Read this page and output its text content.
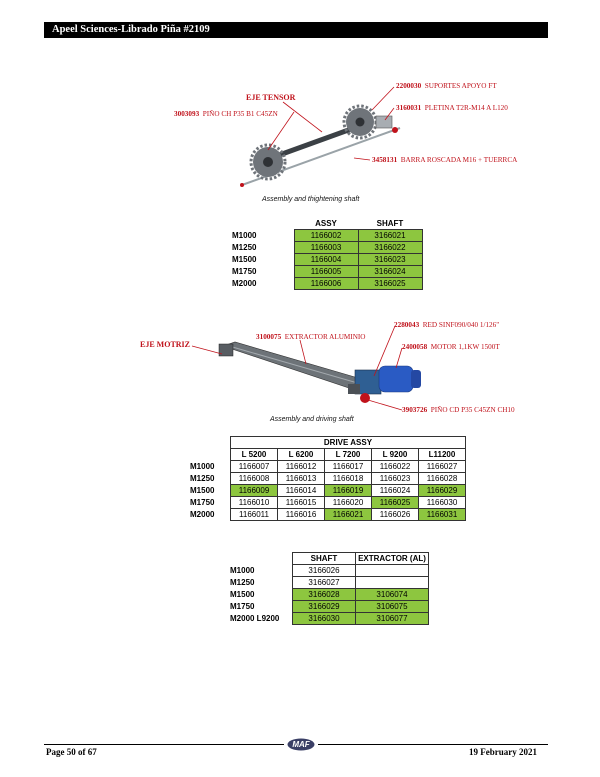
Apeel Sciences-Librado Piña #2109
EJE TENSOR
3003093 PIÑO CH P35 B1 C45ZN
2200030 SUPORTES APOYO FT
3160031 PLETINA T2R-M14 A L120
3458131 BARRA ROSCADA M16 + TUERRCA
Assembly and thightening shaft
	ASSY	SHAFT
M1000	1166002	3166021
M1250	1166003	3166022
M1500	1166004	3166023
M1750	1166005	3166024
M2000	1166006	3166025
EJE MOTRIZ
3100075 EXTRACTOR ALUMINIO
2280043 RED SINF090/040 1/126"
2400058 MOTOR 1,1KW 1500T
3903726 PIÑO CD P35 C45ZN CH10
Assembly and driving shaft
	DRIVE ASSY				
	L 5200	L 6200	L 7200	L 9200	L11200
M1000	1166007	1166012	1166017	1166022	1166027
M1250	1166008	1166013	1166018	1166023	1166028
M1500	1166009	1166014	1166019	1166024	1166029
M1750	1166010	1166015	1166020	1166025	1166030
M2000	1166011	1166016	1166021	1166026	1166031
	SHAFT	EXTRACTOR (AL)
M1000	3166026	
M1250	3166027	
M1500	3166028	3106074
M1750	3166029	3106075
M2000 L9200	3166030	3106077
MAF
Page 50 of 67	19 February 2021
